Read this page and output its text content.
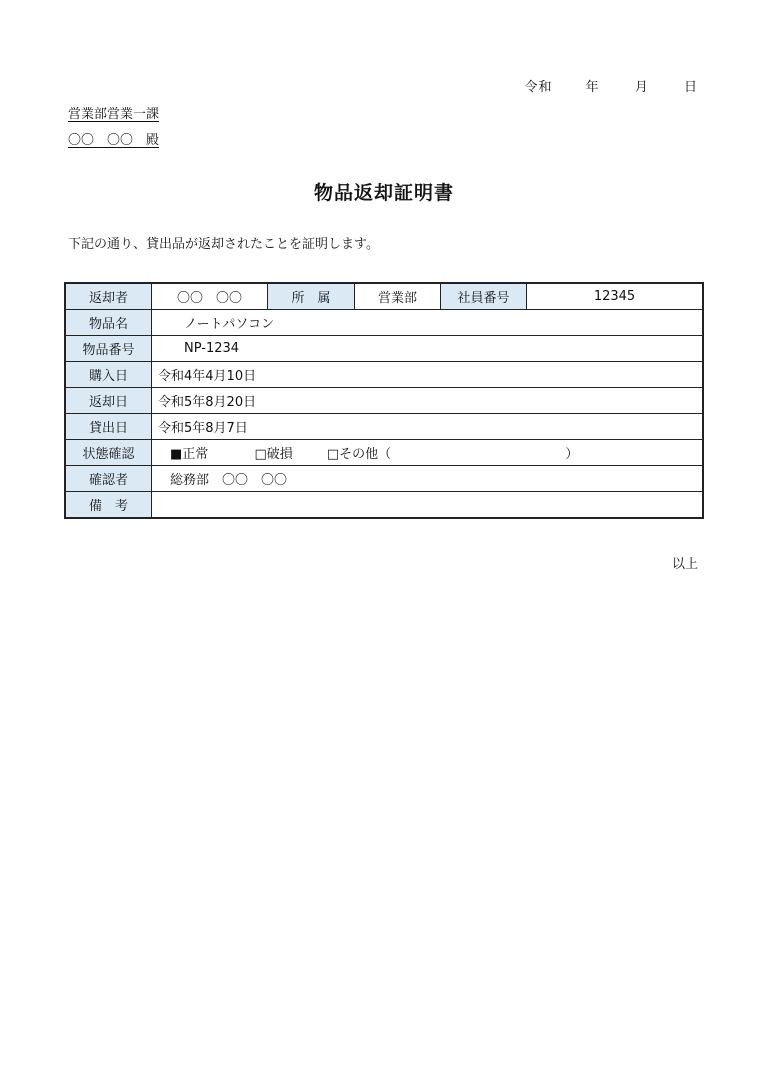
令和	年	月	日
営業部営業一課
〇〇　〇〇　殿
物品返却証明書
下記の通り、貸出品が返却されたことを証明します。
返却者	〇〇　〇〇	所　属	営業部	社員番号	12345
物品名	ノートパソコン				
物品番号	NP-1234				
購入日	令和4年4月10日				
返却日	令和5年8月20日				
貸出日	令和5年8月7日				
状態確認	■正常 □破損 □その他（ ）				
確認者	総務部　〇〇　〇〇				
備　考					
以上
